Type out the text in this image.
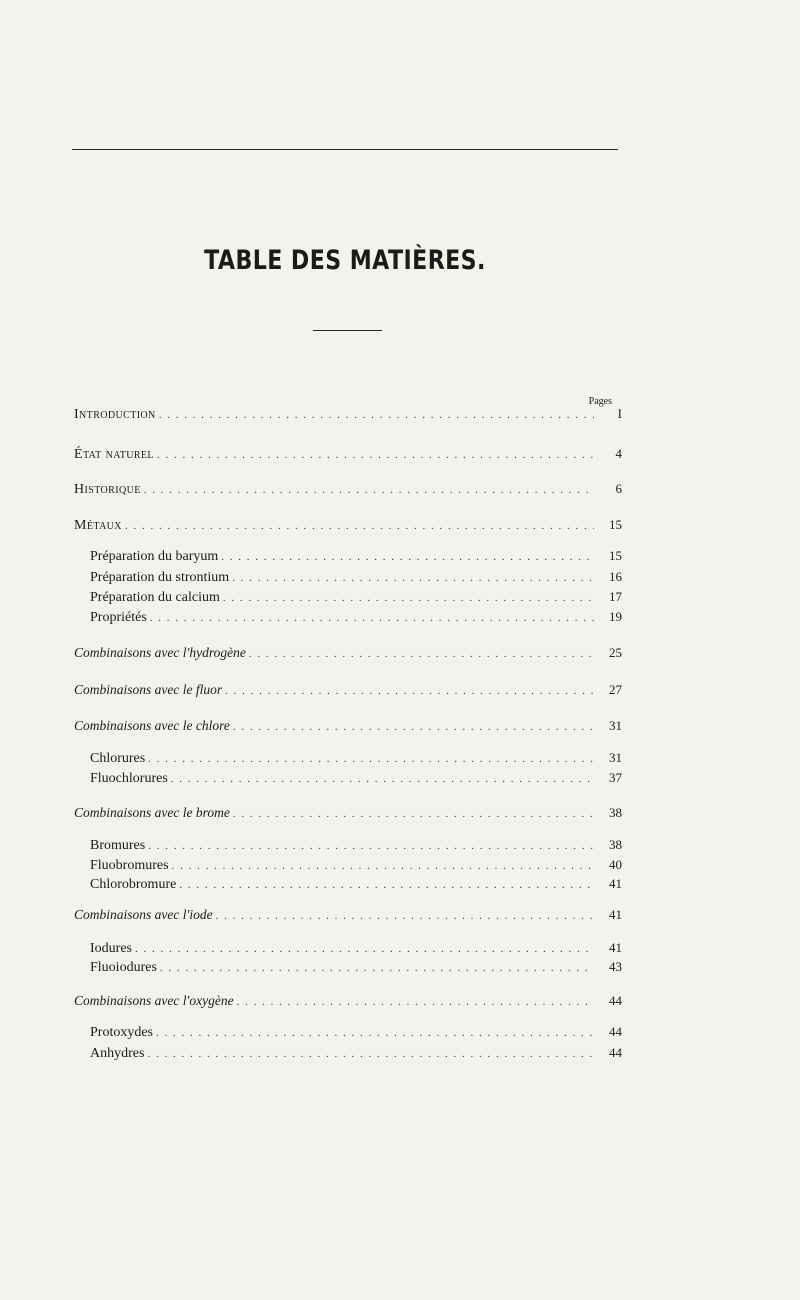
TABLE DES MATIÈRES.

Pages

Introduction . . .	I
État naturel . . .	4
Historique . . .	6
Métaux . . .	15
Préparation du baryum . . .	15
Préparation du strontium . . .	16
Préparation du calcium . . .	17
Propriétés . . .	19
Combinaisons avec l'hydrogène . . .	25
Combinaisons avec le fluor . . .	27
Combinaisons avec le chlore . . .	31
Chlorures . . .	31
Fluochlorures . . .	37
Combinaisons avec le brome . . .	38
Bromures . . .	38
Fluobromures . . .	40
Chlorobromure . . .	41
Combinaisons avec l'iode . . .	41
Iodures . . .	41
Fluoiodures . . .	43
Combinaisons avec l'oxygène . . .	44
Protoxydes . . .	44
Anhydres . . .	44
